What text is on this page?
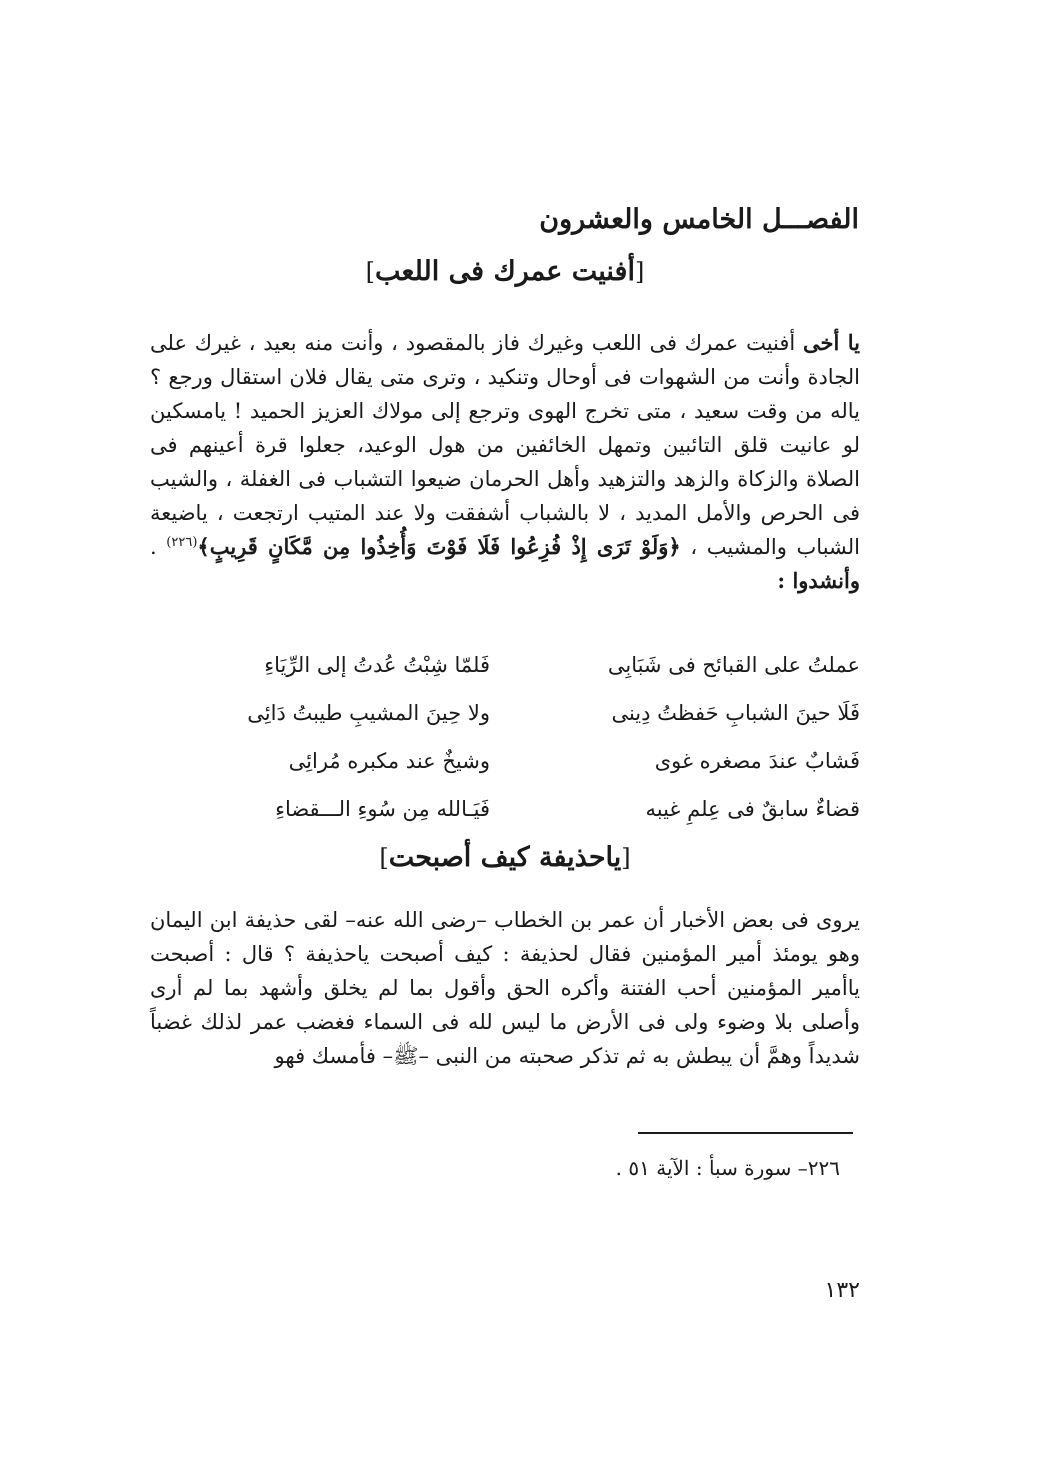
الفصـــل الخامس والعشرون
[أفنيت عمرك فى اللعب]

يا أخى أفنيت عمرك فى اللعب وغيرك فاز بالمقصود ، وأنت منه بعيد ، غيرك على الجادة وأنت من الشهوات فى أوحال وتنكيد ، وترى متى يقال فلان استقال ورجع ؟ ياله من وقت سعيد ، متى تخرج الهوى وترجع إلى مولاك العزيز الحميد ! يامسكين لو عانيت قلق التائبين وتمهل الخائفين من هول الوعيد، جعلوا قرة أعينهم فى الصلاة والزكاة والزهد والتزهيد وأهل الحرمان ضيعوا التشباب فى الغفلة ، والشيب فى الحرص والأمل المديد ، لا بالشباب أشفقت ولا عند المتيب ارتجعت ، ياضيعة الشباب والمشيب ، ﴿وَلَوْ تَرَى إِذْ فُزِعُوا فَلَا فَوْتَ وَأُخِذُوا مِن مَّكَانٍ قَرِيبٍ﴾$^{(٢٢٦)}$ . وأنشدوا :

عملتُ على القبائح فى شَبَابِى
فَلمّا شِبْتُ عُدتُ إلى الرِّيَاءِ
فَلَا حينَ الشبابِ حَفظتُ دِينى
ولا حِينَ المشيبِ طيبتُ دَائِى
فَشابٌ عندَ مصغره غوى
وشيخٌ عند مكبره مُرائِى
قضاءٌ سابقٌ فى عِلمِ غيبه
فَيَـالله مِن سُوءِ الـــقضاءِ
[ياحذيفة كيف أصبحت]

يروى فى بعض الأخبار أن عمر بن الخطاب –رضى الله عنه– لقى حذيفة ابن اليمان وهو يومئذ أمير المؤمنين فقال لحذيفة : كيف أصبحت ياحذيفة ؟ قال : أصبحت ياأمير المؤمنين أحب الفتنة وأكره الحق وأقول بما لم يخلق وأشهد بما لم أرى وأصلى بلا وضوء ولى فى الأرض ما ليس لله فى السماء فغضب عمر لذلك غضباً شديداً وهمَّ أن يبطش به ثم تذكر صحبته من النبى –ﷺ– فأمسك فهو

٢٢٦– سورة سبأ : الآية ٥١ .
١٣٢
